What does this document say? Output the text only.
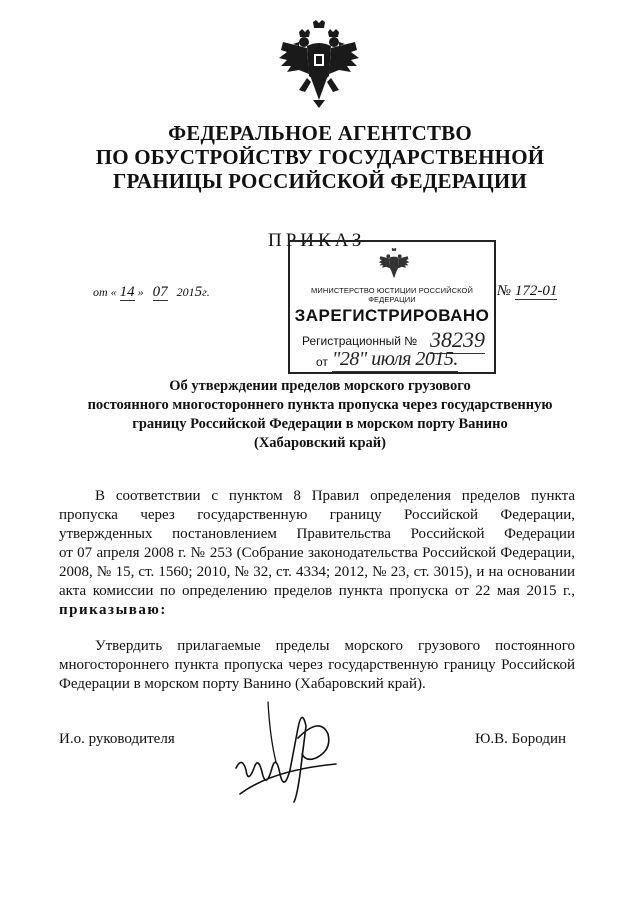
ФЕДЕРАЛЬНОЕ АГЕНТСТВО
ПО ОБУСТРОЙСТВУ ГОСУДАРСТВЕННОЙ
ГРАНИЦЫ РОССИЙСКОЙ ФЕДЕРАЦИИ
ПРИКАЗ
от « 14 » 07 2015г.	№ 172-01
МИНИСТЕРСТВО ЮСТИЦИИ РОССИЙСКОЙ ФЕДЕРАЦИИ
ЗАРЕГИСТРИРОВАНО
Регистрационный № 38239
от "28" июля 2015.
Об утверждении пределов морского грузового
постоянного многостороннего пункта пропуска через государственную
границу Российской Федерации в морском порту Ванино
(Хабаровский край)
В соответствии с пунктом 8 Правил определения пределов пункта
пропуска через государственную границу Российской Федерации,
утвержденных постановлением Правительства Российской Федерации
от 07 апреля 2008 г. № 253 (Собрание законодательства Российской Федерации,
2008, № 15, ст. 1560; 2010, № 32, ст. 4334; 2012, № 23, ст. 3015), и на основании
акта комиссии по определению пределов пункта пропуска от 22 мая 2015 г.,
приказываю:
Утвердить прилагаемые пределы морского грузового постоянного
многостороннего пункта пропуска через государственную границу Российской
Федерации в морском порту Ванино (Хабаровский край).
И.о. руководителя	Ю.В. Бородин
